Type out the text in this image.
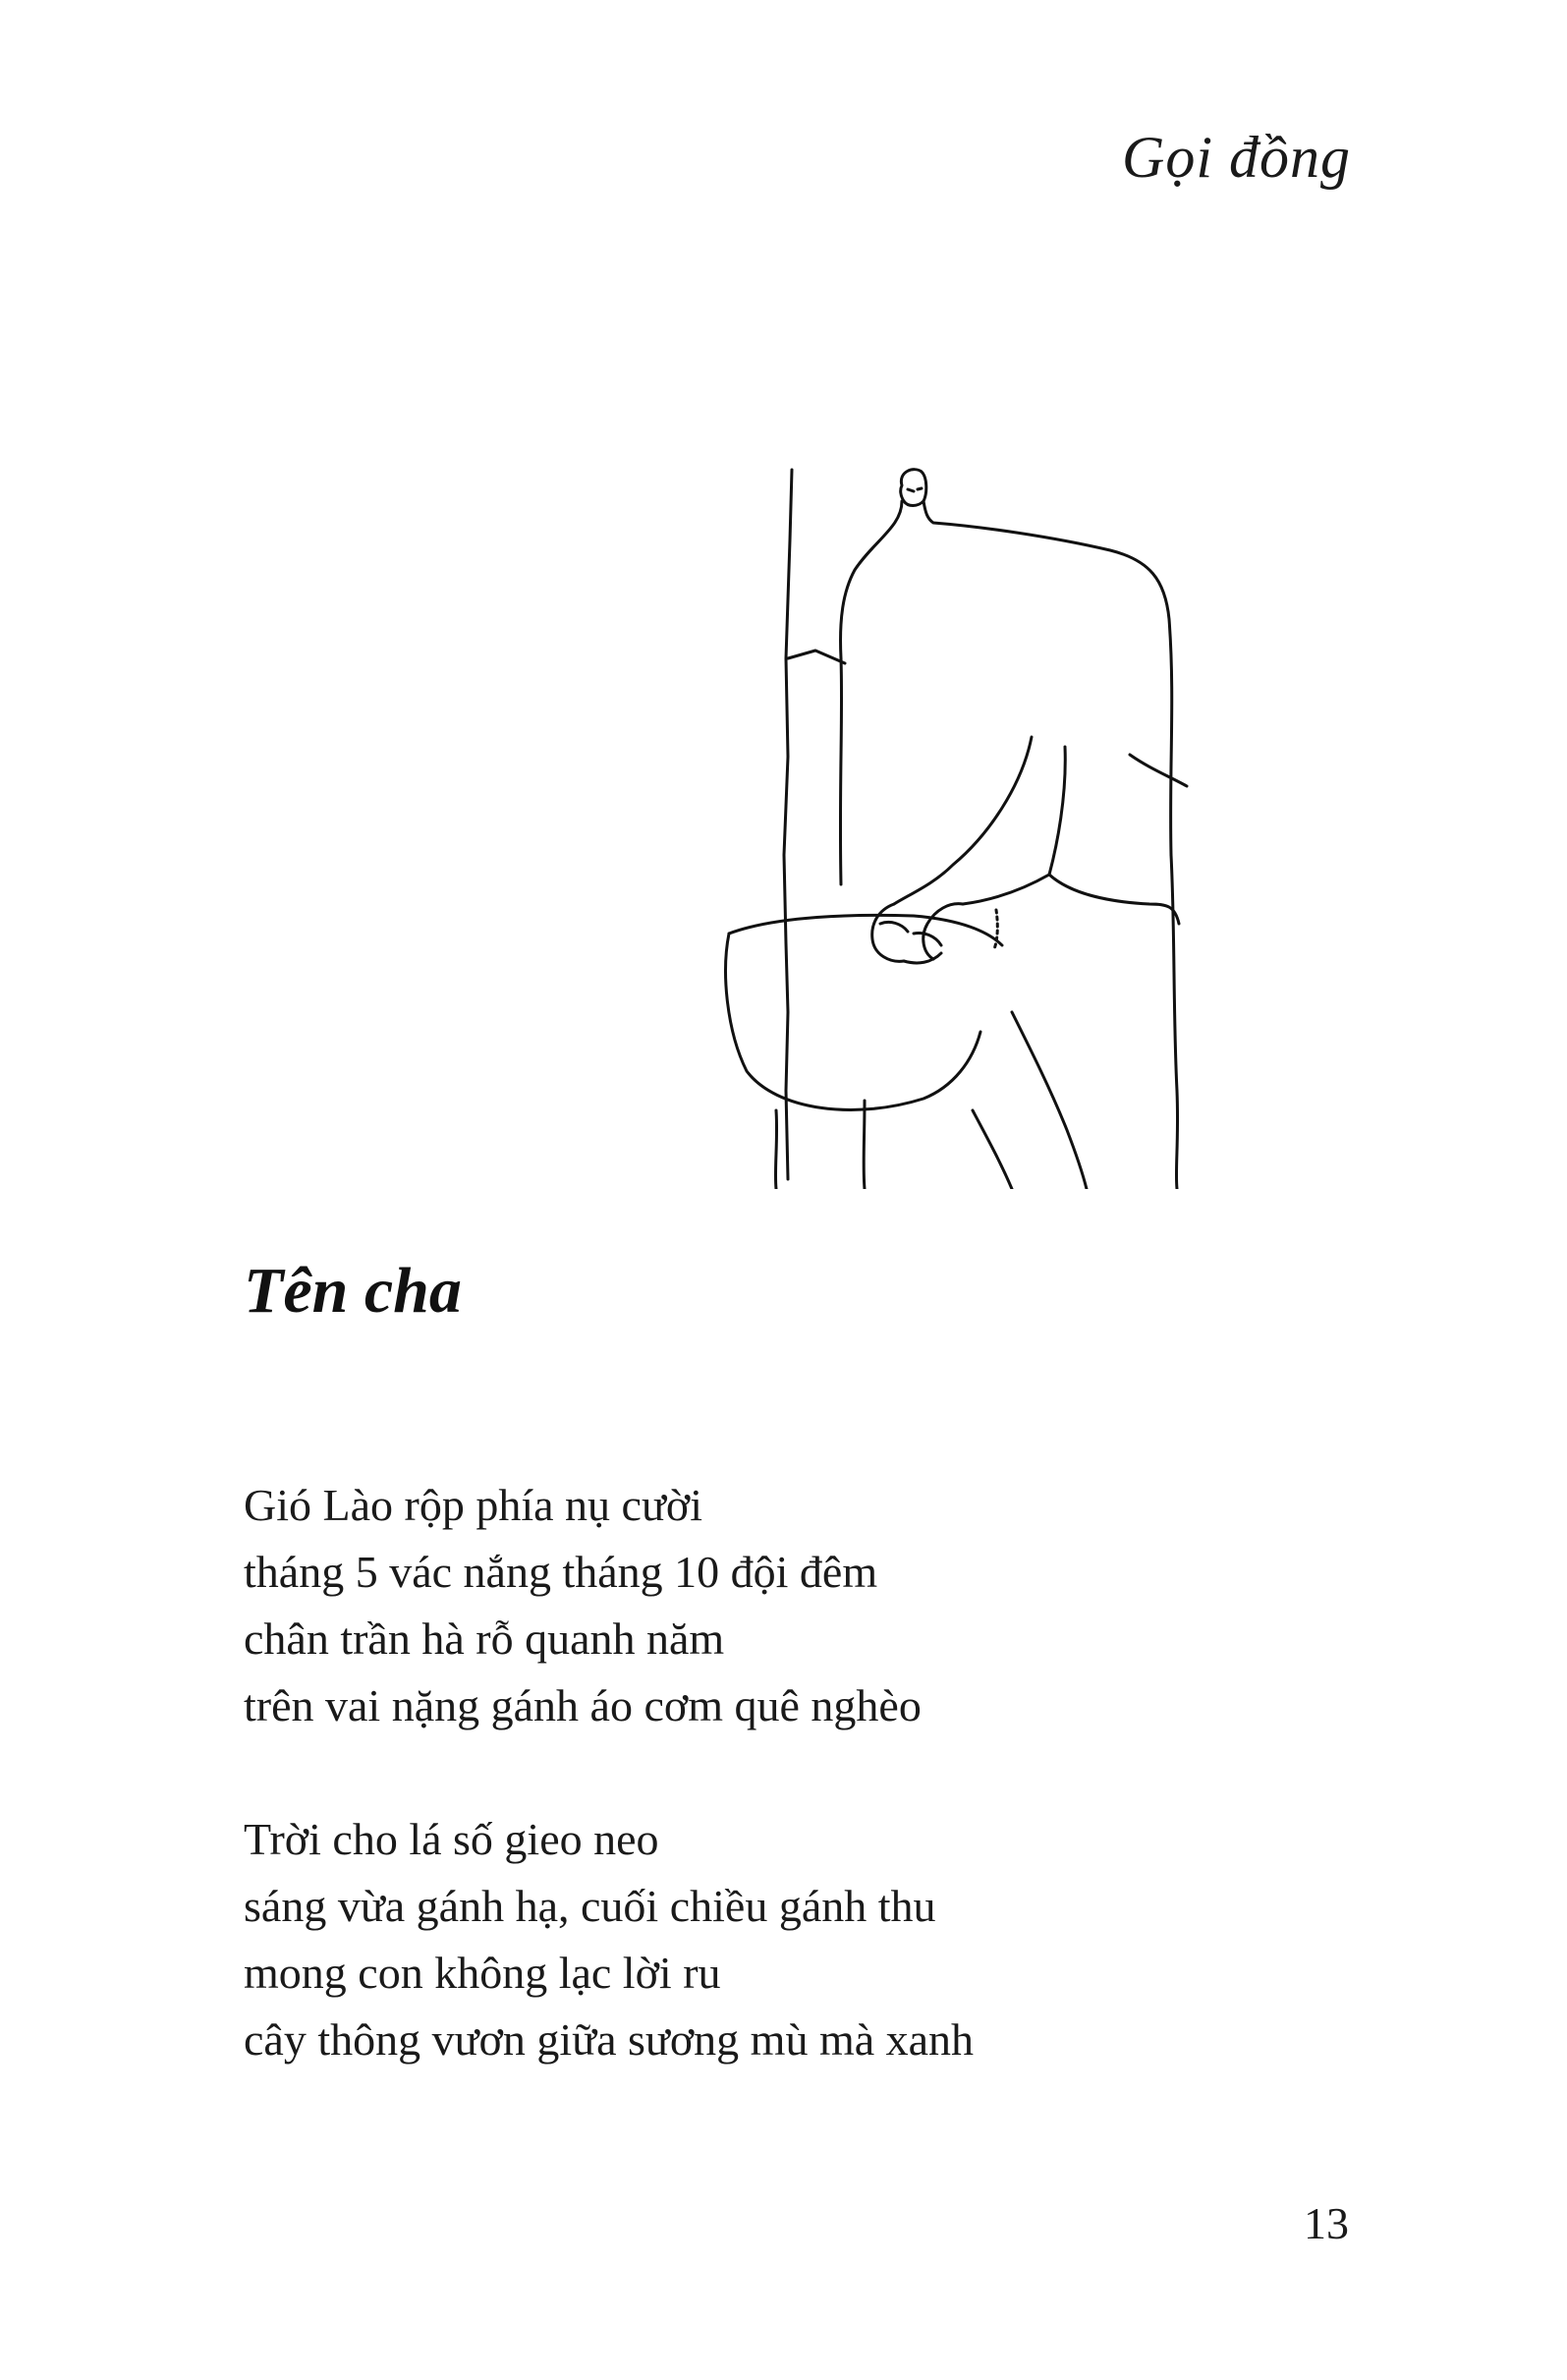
Gọi đồng
Tên cha

Gió Lào rộp phía nụ cười
tháng 5 vác nắng tháng 10 đội đêm
chân trần hà rỗ quanh năm
trên vai nặng gánh áo cơm quê nghèo

Trời cho lá số gieo neo
sáng vừa gánh hạ, cuối chiều gánh thu
mong con không lạc lời ru
cây thông vươn giữa sương mù mà xanh

13
